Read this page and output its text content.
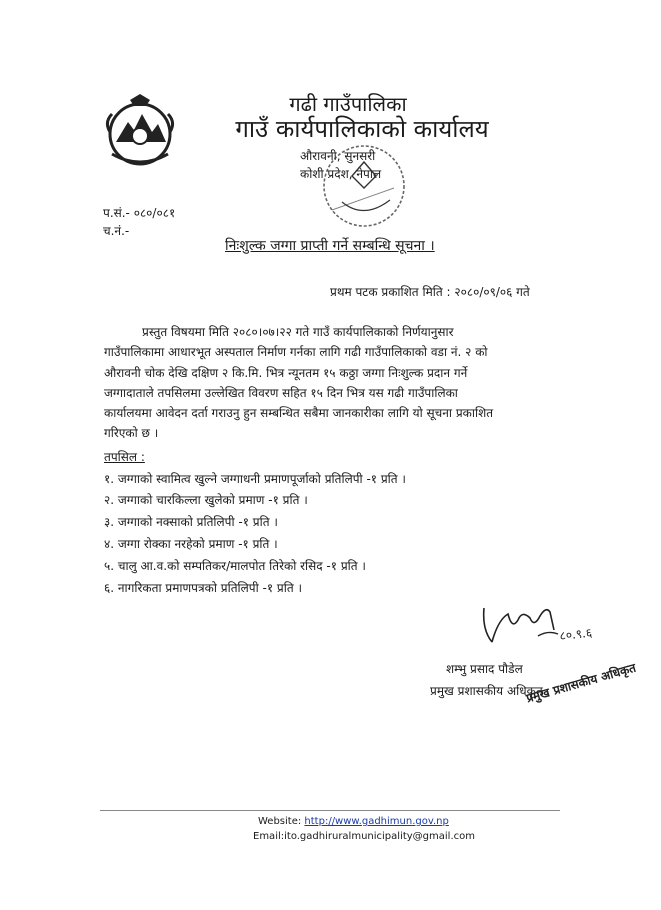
गढी गाउँपालिका
गाउँ कार्यपालिकाको कार्यालय
औरावनी, सुनसरी
कोशी प्रदेश, नेपाल
प.सं.- ०८०/०८१
च.नं.-
निःशुल्क जग्गा प्राप्ती गर्ने सम्बन्धि सूचना ।
प्रथम पटक प्रकाशित मिति : २०८०/०९/०६ गते
प्रस्तुत विषयमा मिति २०८०।०७।२२ गते गाउँ कार्यपालिकाको निर्णयानुसार
गाउँपालिकामा आधारभूत अस्पताल निर्माण गर्नका लागि गढी गाउँपालिकाको वडा नं. २ को
औरावनी चोक देखि दक्षिण २ कि.मि. भित्र न्यूनतम १५ कठ्ठा जग्गा निःशुल्क प्रदान गर्ने
जग्गादाताले तपसिलमा उल्लेखित विवरण सहित १५ दिन भित्र यस गढी गाउँपालिका
कार्यालयमा आवेदन दर्ता गराउनु हुन सम्बन्धित सबैमा जानकारीका लागि यो सूचना प्रकाशित
गरिएको छ ।
तपसिल :
१. जग्गाको स्वामित्व खुल्ने जग्गाधनी प्रमाणपूर्जाको प्रतिलिपी -१ प्रति ।
२. जग्गाको चारकिल्ला खुलेको प्रमाण -१ प्रति ।
३. जग्गाको नक्साको प्रतिलिपी -१ प्रति ।
४. जग्गा रोक्का नरहेको प्रमाण -१ प्रति ।
५. चालु आ.व.को सम्पतिकर/मालपोत तिरेको रसिद -१ प्रति ।
६. नागरिकता प्रमाणपत्रको प्रतिलिपी -१ प्रति ।
८०.९.६
शम्भु प्रसाद पौडेल
प्रमुख प्रशासकीय अधिकृत
प्रमुख प्रशासकीय अधिकृत
Website: http://www.gadhimun.gov.np
Email:ito.gadhiruralmunicipality@gmail.com
